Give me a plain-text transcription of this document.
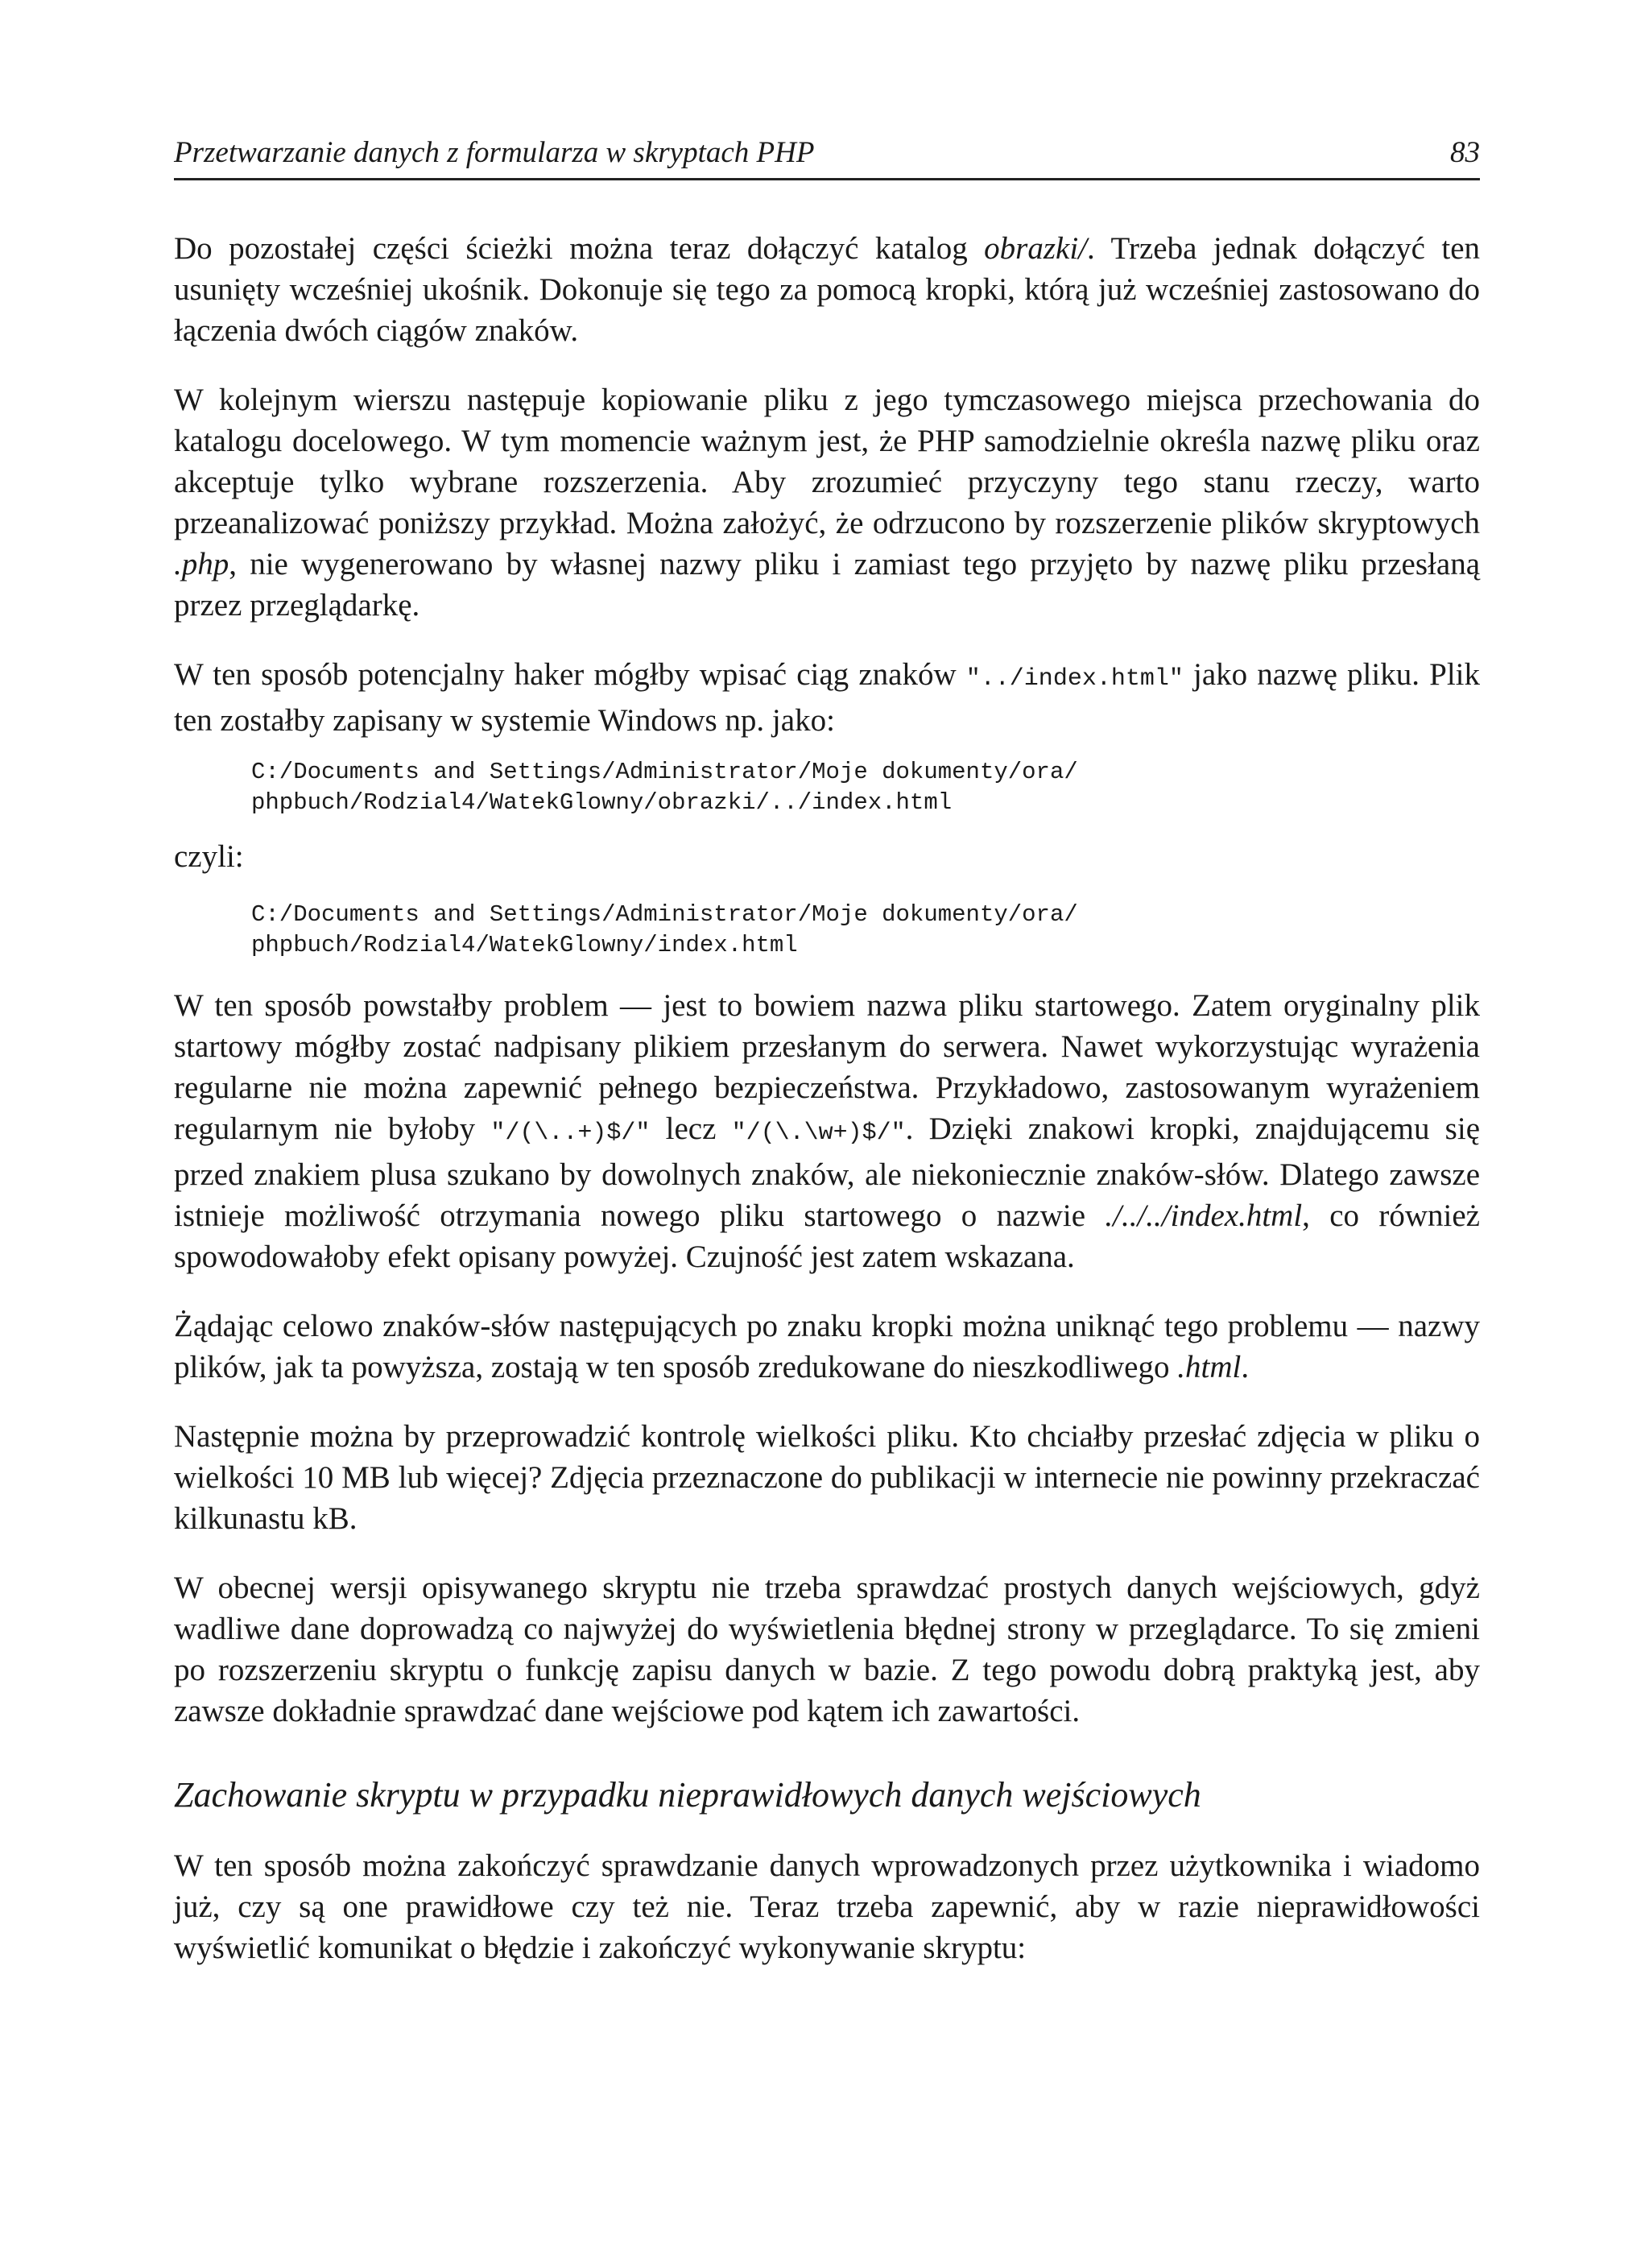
Przetwarzanie danych z formularza w skryptach PHP	83

Do pozostałej części ścieżki można teraz dołączyć katalog obrazki/. Trzeba jednak dołączyć ten usunięty wcześniej ukośnik. Dokonuje się tego za pomocą kropki, którą już wcześniej zastosowano do łączenia dwóch ciągów znaków.

W kolejnym wierszu następuje kopiowanie pliku z jego tymczasowego miejsca przechowania do katalogu docelowego. W tym momencie ważnym jest, że PHP samodzielnie określa nazwę pliku oraz akceptuje tylko wybrane rozszerzenia. Aby zrozumieć przyczyny tego stanu rzeczy, warto przeanalizować poniższy przykład. Można założyć, że odrzucono by rozszerzenie plików skryptowych .php, nie wygenerowano by własnej nazwy pliku i zamiast tego przyjęto by nazwę pliku przesłaną przez przeglądarkę.

W ten sposób potencjalny haker mógłby wpisać ciąg znaków "../index.html" jako nazwę pliku. Plik ten zostałby zapisany w systemie Windows np. jako:

C:/Documents and Settings/Administrator/Moje dokumenty/ora/
phpbuch/Rodzial4/WatekGlowny/obrazki/../index.html
czyli:
C:/Documents and Settings/Administrator/Moje dokumenty/ora/
phpbuch/Rodzial4/WatekGlowny/index.html

W ten sposób powstałby problem — jest to bowiem nazwa pliku startowego. Zatem oryginalny plik startowy mógłby zostać nadpisany plikiem przesłanym do serwera. Nawet wykorzystując wyrażenia regularne nie można zapewnić pełnego bezpieczeństwa. Przykładowo, zastosowanym wyrażeniem regularnym nie byłoby "/(\..+)$/" lecz "/(\.\w+)$/". Dzięki znakowi kropki, znajdującemu się przed znakiem plusa szukano by dowolnych znaków, ale niekoniecznie znaków-słów. Dlatego zawsze istnieje możliwość otrzymania nowego pliku startowego o nazwie ./../../index.html, co również spowodowałoby efekt opisany powyżej. Czujność jest zatem wskazana.

Żądając celowo znaków-słów następujących po znaku kropki można uniknąć tego problemu — nazwy plików, jak ta powyższa, zostają w ten sposób zredukowane do nieszkodliwego .html.

Następnie można by przeprowadzić kontrolę wielkości pliku. Kto chciałby przesłać zdjęcia w pliku o wielkości 10 MB lub więcej? Zdjęcia przeznaczone do publikacji w internecie nie powinny przekraczać kilkunastu kB.

W obecnej wersji opisywanego skryptu nie trzeba sprawdzać prostych danych wejściowych, gdyż wadliwe dane doprowadzą co najwyżej do wyświetlenia błędnej strony w przeglądarce. To się zmieni po rozszerzeniu skryptu o funkcję zapisu danych w bazie. Z tego powodu dobrą praktyką jest, aby zawsze dokładnie sprawdzać dane wejściowe pod kątem ich zawartości.

Zachowanie skryptu w przypadku nieprawidłowych danych wejściowych

W ten sposób można zakończyć sprawdzanie danych wprowadzonych przez użytkownika i wiadomo już, czy są one prawidłowe czy też nie. Teraz trzeba zapewnić, aby w razie nieprawidłowości wyświetlić komunikat o błędzie i zakończyć wykonywanie skryptu:
